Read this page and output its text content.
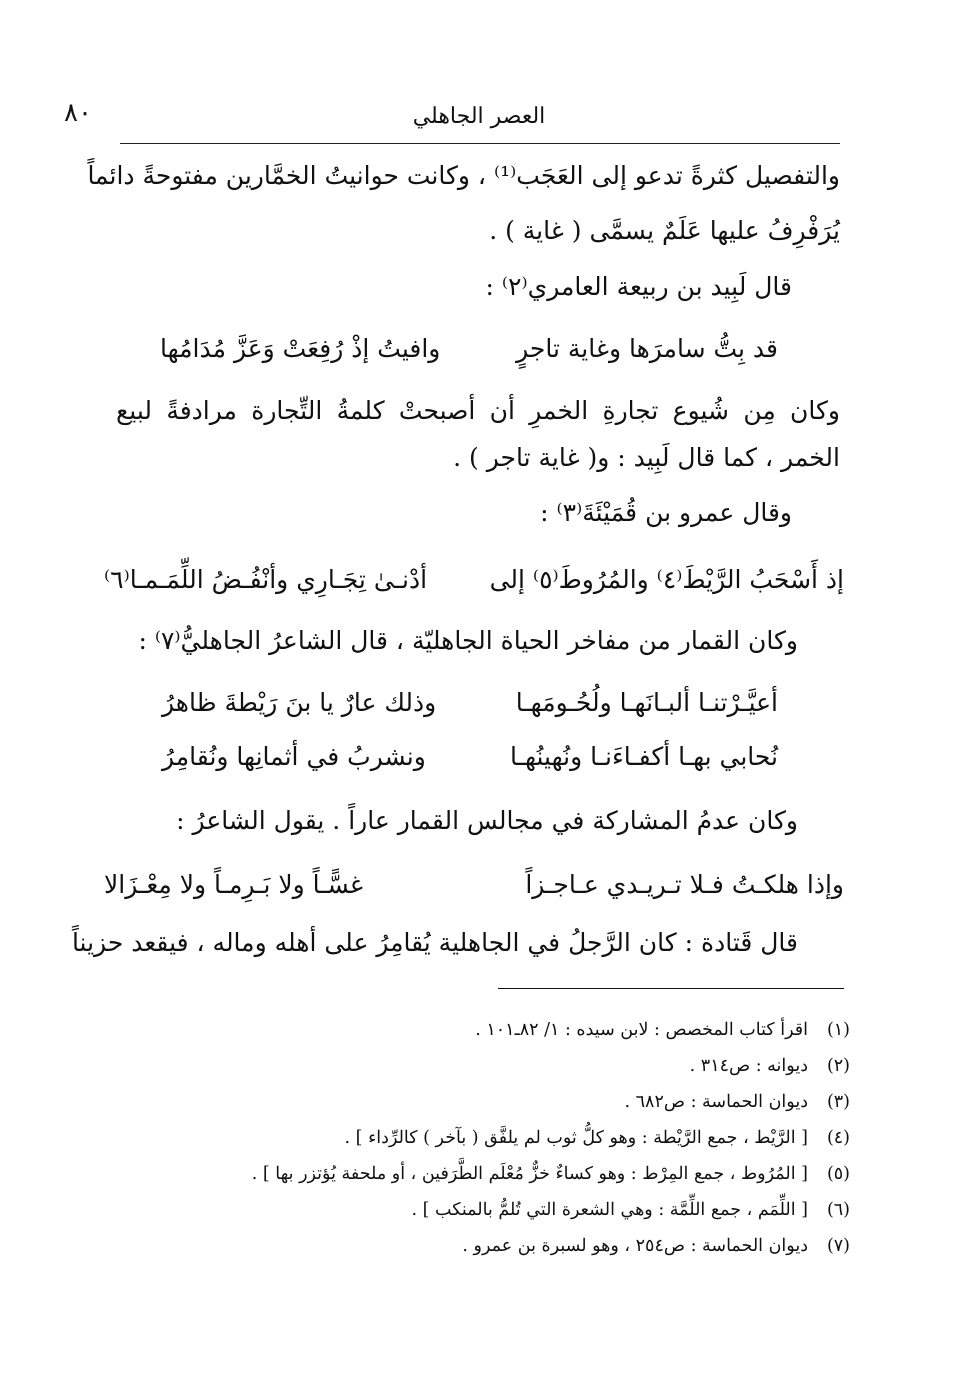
٨٠	العصر الجاهلي
والتفصيل كثرةً تدعو إلى العَجَب⁽¹⁾ ، وكانت حوانيتُ الخمَّارين مفتوحةً دائماً
يُرَفْرِفُ عليها عَلَمٌ يسمَّى ( غاية ) .
قال لَبِيد بن ربيعة العامري⁽٢⁾ :
قد بِتُّ سامرَها وغاية تاجرٍ
وافيتُ إذْ رُفِعَتْ وَعَزَّ مُدَامُها
وكان مِن شُيوع تجارةِ الخمرِ أن أصبحتْ كلمةُ التِّجارة مرادفةً لبيع
الخمر ، كما قال لَبِيد : و( غاية تاجر ) .
وقال عمرو بن قُمَيْئَةَ⁽٣⁾ :
إذ أَسْحَبُ الرَّيْطَ⁽٤⁾ والمُرُوطَ⁽٥⁾ إلى
أدْنـىٰ تِجَـارِي وأنْفُـضُ اللِّمَـمـا⁽٦⁾
وكان القمار من مفاخر الحياة الجاهليّة ، قال الشاعرُ الجاهليُّ⁽٧⁾ :
أعيَّـرْتنـا ألبـانَهـا ولُحُـومَهـا
وذلك عارٌ يا بنَ رَيْطةَ ظاهرُ
نُحابي بهـا أكفـاءَنـا ونُهينُهـا
ونشربُ في أثمانِها ونُقامِرُ
وكان عدمُ المشاركة في مجالس القمار عاراً . يقول الشاعرُ :
وإذا هلكـتُ فـلا تـريـدي عـاجـزاً
غسًّـاً ولا بَـرِمـاً ولا مِعْـزَالا
قال قَتادة : كان الرَّجلُ في الجاهلية يُقامِرُ على أهله وماله ، فيقعد حزيناً
(١)
اقرأ كتاب المخصص : لابن سيده : ١/ ٨٢ـ١٠١ .
(٢)
ديوانه : ص٣١٤ .
(٣)
ديوان الحماسة : ص٦٨٢ .
(٤)
[ الرَّيْط ، جمع الرَّيْطة : وهو كلُّ ثوب لم يلفَّق ( بآخر ) كالرِّداء ] .
(٥)
[ المُرُوط ، جمع المِرْط : وهو كساءٌ خزٌّ مُعْلَم الطَّرَفين ، أو ملحفة يُؤتزر بها ] .
(٦)
[ اللِّمَم ، جمع اللِّمَّة : وهي الشعرة التي تُلمُّ بالمنكب ] .
(٧)
ديوان الحماسة : ص٢٥٤ ، وهو لسبرة بن عمرو .
